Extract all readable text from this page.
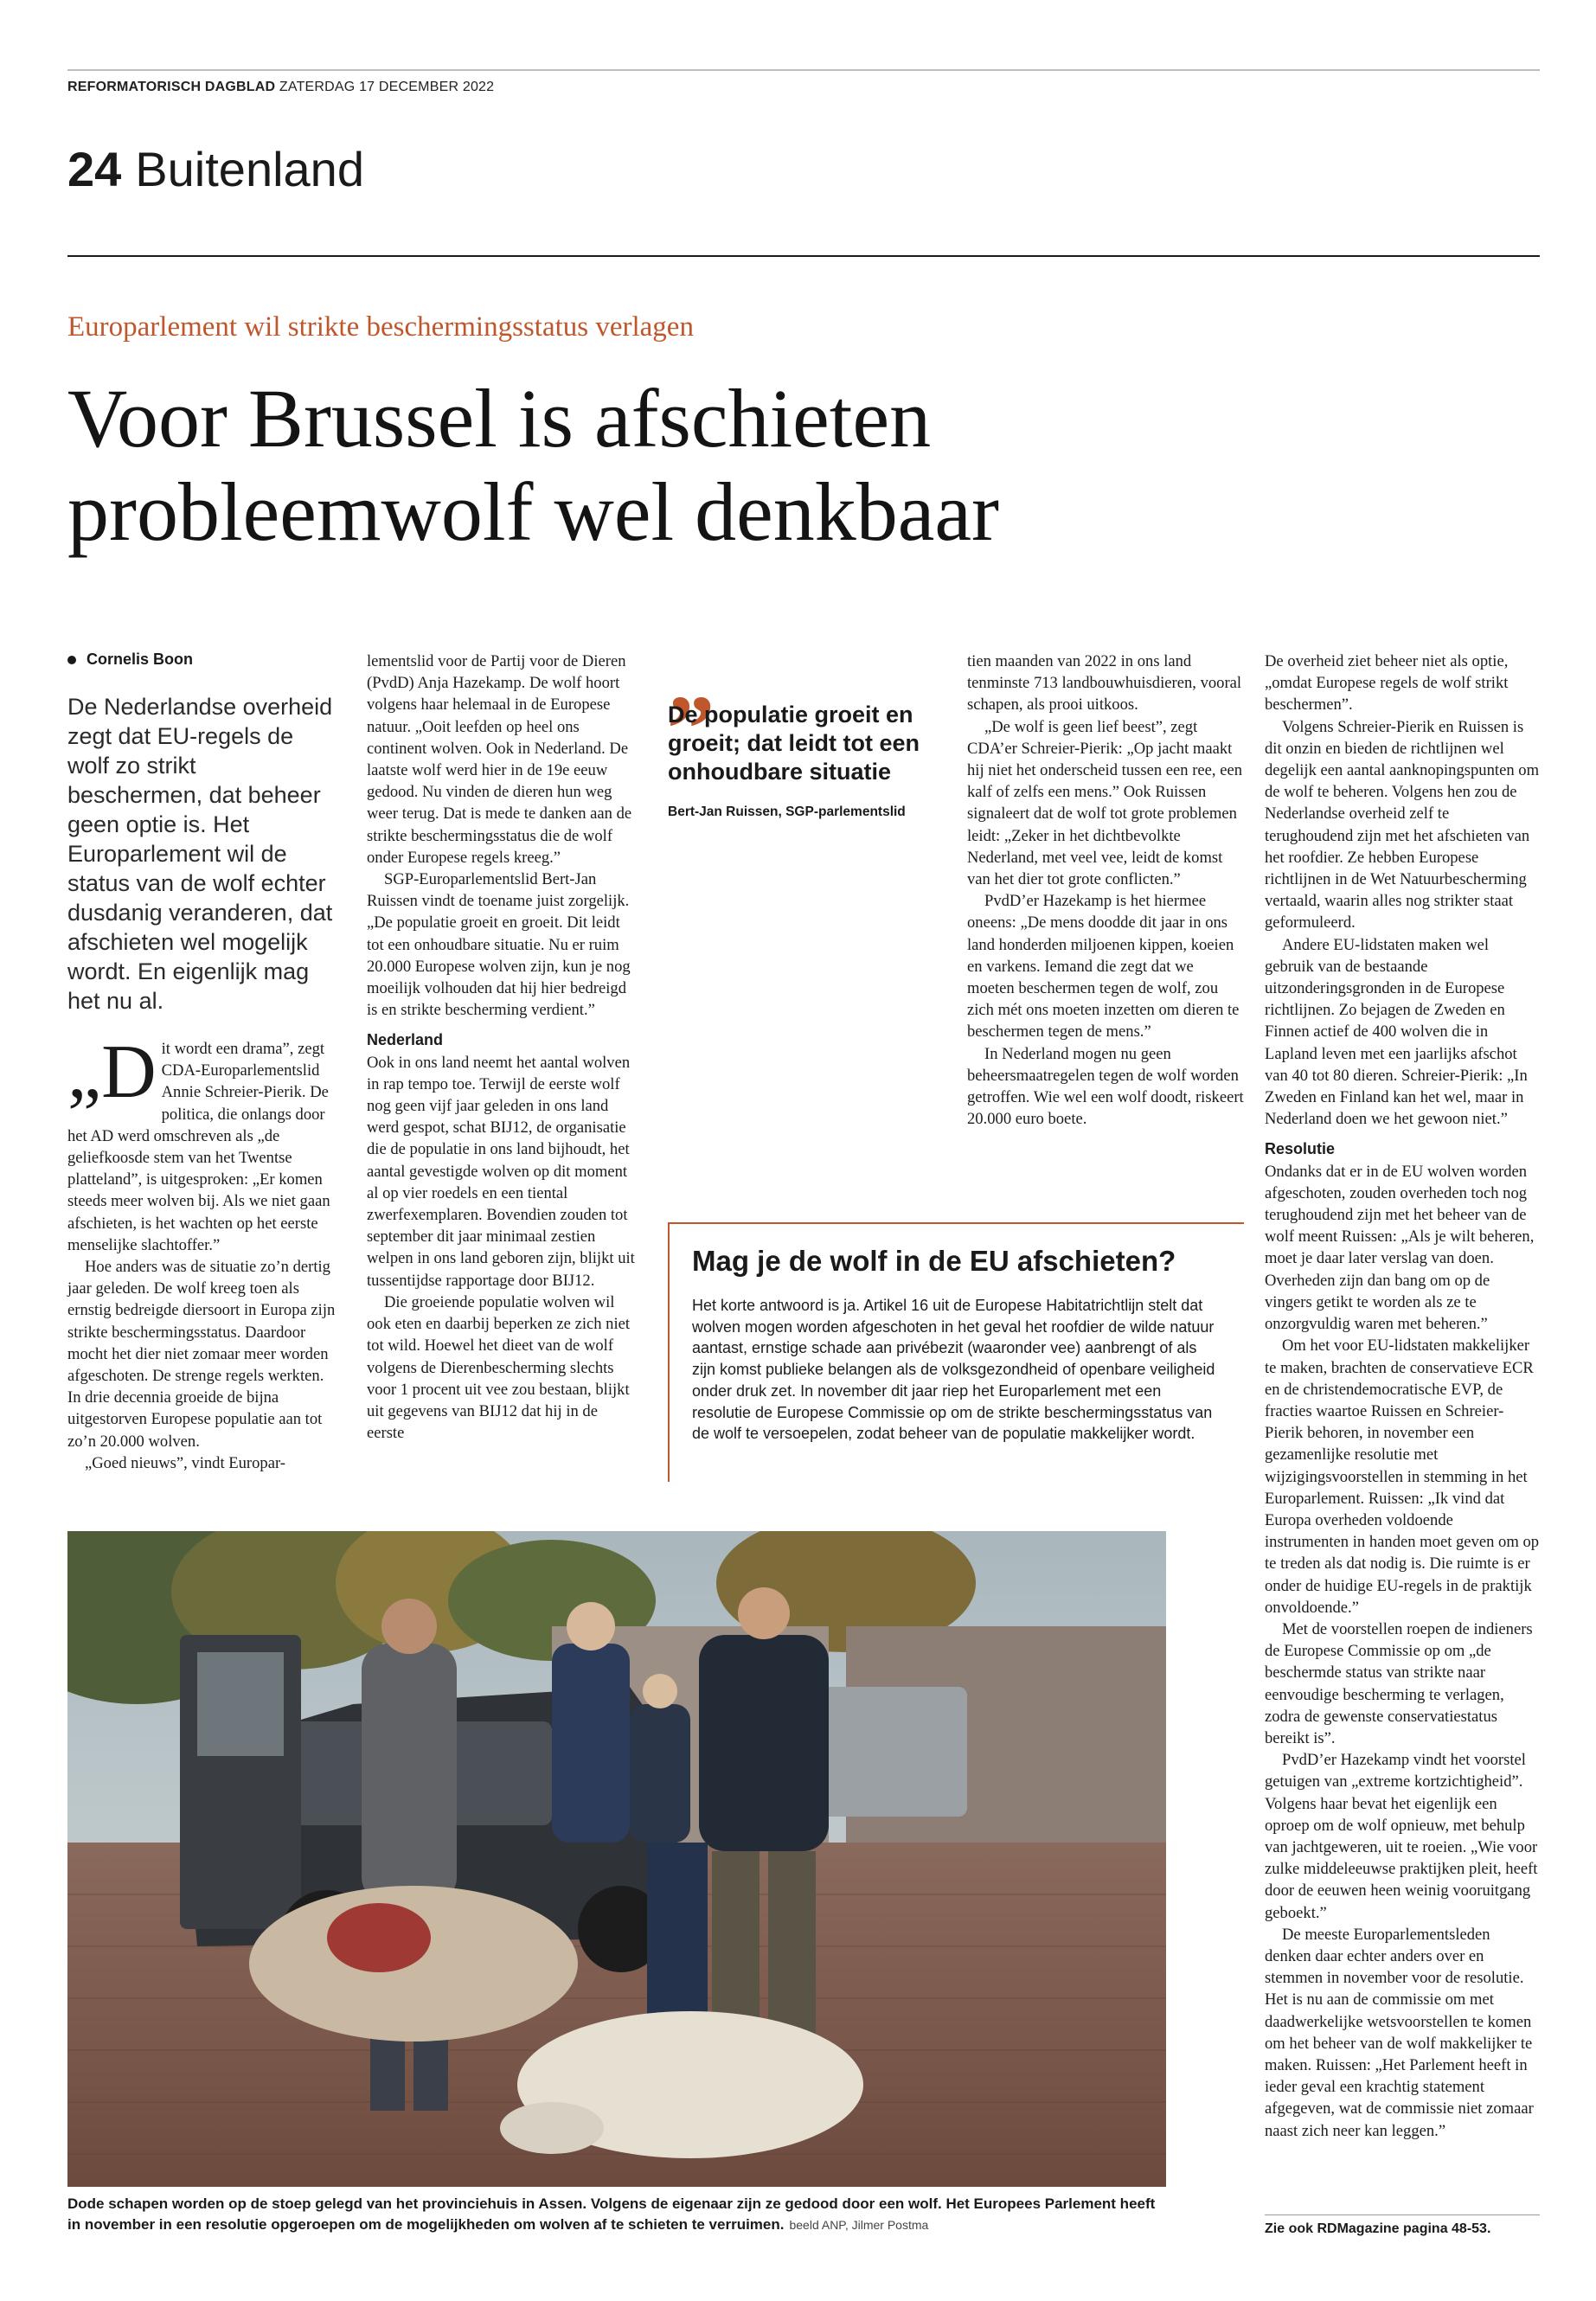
REFORMATORISCH DAGBLAD ZATERDAG 17 DECEMBER 2022
24 Buitenland
Europarlement wil strikte beschermingsstatus verlagen
Voor Brussel is afschieten probleemwolf wel denkbaar
Cornelis Boon
De Nederlandse overheid zegt dat EU-regels de wolf zo strikt beschermen, dat beheer geen optie is. Het Europarlement wil de status van de wolf echter dusdanig veranderen, dat afschieten wel mogelijk wordt. En eigenlijk mag het nu al.

„D it wordt een drama”, zegt CDA-Europarlementslid Annie Schreier-Pierik. De politica, die onlangs door het AD werd omschreven als „de geliefkoosde stem van het Twentse platteland”, is uitgesproken: „Er komen steeds meer wolven bij. Als we niet gaan afschieten, is het wachten op het eerste menselijke slachtoffer.”

Hoe anders was de situatie zo’n dertig jaar geleden. De wolf kreeg toen als ernstig bedreigde diersoort in Europa zijn strikte beschermingsstatus. Daardoor mocht het dier niet zomaar meer worden afgeschoten. De strenge regels werkten. In drie decennia groeide de bijna uitgestorven Europese populatie aan tot zo’n 20.000 wolven.

„Goed nieuws”, vindt Europar-

lementslid voor de Partij voor de Dieren (PvdD) Anja Hazekamp. De wolf hoort volgens haar helemaal in de Europese natuur. „Ooit leefden op heel ons continent wolven. Ook in Nederland. De laatste wolf werd hier in de 19e eeuw gedood. Nu vinden de dieren hun weg weer terug. Dat is mede te danken aan de strikte beschermingsstatus die de wolf onder Europese regels kreeg.”

SGP-Europarlementslid Bert-Jan Ruissen vindt de toename juist zorgelijk. „De populatie groeit en groeit. Dit leidt tot een onhoudbare situatie. Nu er ruim 20.000 Europese wolven zijn, kun je nog moeilijk volhouden dat hij hier bedreigd is en strikte bescherming verdient.”

Nederland

Ook in ons land neemt het aantal wolven in rap tempo toe. Terwijl de eerste wolf nog geen vijf jaar geleden in ons land werd gespot, schat BIJ12, de organisatie die de populatie in ons land bijhoudt, het aantal gevestigde wolven op dit moment al op vier roedels en een tiental zwerfexemplaren. Bovendien zouden tot september dit jaar minimaal zestien welpen in ons land geboren zijn, blijkt uit tussentijdse rapportage door BIJ12.

Die groeiende populatie wolven wil ook eten en daarbij beperken ze zich niet tot wild. Hoewel het dieet van de wolf volgens de Dierenbescherming slechts voor 1 procent uit vee zou bestaan, blijkt uit gegevens van BIJ12 dat hij in de eerste

„
De populatie groeit en groeit; dat leidt tot een onhoudbare situatie
Bert-Jan Ruissen, SGP-parlementslid

tien maanden van 2022 in ons land tenminste 713 landbouwhuisdieren, vooral schapen, als prooi uitkoos.

„De wolf is geen lief beest”, zegt CDA’er Schreier-Pierik: „Op jacht maakt hij niet het onderscheid tussen een ree, een kalf of zelfs een mens.” Ook Ruissen signaleert dat de wolf tot grote problemen leidt: „Zeker in het dichtbevolkte Nederland, met veel vee, leidt de komst van het dier tot grote conflicten.”

PvdD’er Hazekamp is het hiermee oneens: „De mens doodde dit jaar in ons land honderden miljoenen kippen, koeien en varkens. Iemand die zegt dat we moeten beschermen tegen de wolf, zou zich mét ons moeten inzetten om dieren te beschermen tegen de mens.”

In Nederland mogen nu geen beheersmaatregelen tegen de wolf worden getroffen. Wie wel een wolf doodt, riskeert 20.000 euro boete.

De overheid ziet beheer niet als optie, „omdat Europese regels de wolf strikt beschermen”.

Volgens Schreier-Pierik en Ruissen is dit onzin en bieden de richtlijnen wel degelijk een aantal aanknopingspunten om de wolf te beheren. Volgens hen zou de Nederlandse overheid zelf te terughoudend zijn met het afschieten van het roofdier. Ze hebben Europese richtlijnen in de Wet Natuurbescherming vertaald, waarin alles nog strikter staat geformuleerd.

Andere EU-lidstaten maken wel gebruik van de bestaande uitzonderingsgronden in de Europese richtlijnen. Zo bejagen de Zweden en Finnen actief de 400 wolven die in Lapland leven met een jaarlijks afschot van 40 tot 80 dieren. Schreier-Pierik: „In Zweden en Finland kan het wel, maar in Nederland doen we het gewoon niet.”

Resolutie

Ondanks dat er in de EU wolven worden afgeschoten, zouden overheden toch nog terughoudend zijn met het beheer van de wolf meent Ruissen: „Als je wilt beheren, moet je daar later verslag van doen. Overheden zijn dan bang om op de vingers getikt te worden als ze te onzorgvuldig waren met beheren.”

Om het voor EU-lidstaten makkelijker te maken, brachten de conservatieve ECR en de christendemocratische EVP, de fracties waartoe Ruissen en Schreier-Pierik behoren, in november een gezamenlijke resolutie met wijzigingsvoorstellen in stemming in het Europarlement. Ruissen: „Ik vind dat Europa overheden voldoende instrumenten in handen moet geven om op te treden als dat nodig is. Die ruimte is er onder de huidige EU-regels in de praktijk onvoldoende.”

Met de voorstellen roepen de indieners de Europese Commissie op om „de beschermde status van strikte naar eenvoudige bescherming te verlagen, zodra de gewenste conservatiestatus bereikt is”.

PvdD’er Hazekamp vindt het voorstel getuigen van „extreme kortzichtigheid”. Volgens haar bevat het eigenlijk een oproep om de wolf opnieuw, met behulp van jachtgeweren, uit te roeien. „Wie voor zulke middeleeuwse praktijken pleit, heeft door de eeuwen heen weinig vooruitgang geboekt.”

De meeste Europarlementsleden denken daar echter anders over en stemmen in november voor de resolutie. Het is nu aan de commissie om met daadwerkelijke wetsvoorstellen te komen om het beheer van de wolf makkelijker te maken. Ruissen: „Het Parlement heeft in ieder geval een krachtig statement afgegeven, wat de commissie niet zomaar naast zich neer kan leggen.”

Mag je de wolf in de EU afschieten?
Het korte antwoord is ja. Artikel 16 uit de Europese Habitatrichtlijn stelt dat wolven mogen worden afgeschoten in het geval het roofdier de wilde natuur aantast, ernstige schade aan privébezit (waaronder vee) aanbrengt of als zijn komst publieke belangen als de volksgezondheid of openbare veiligheid onder druk zet. In november dit jaar riep het Europarlement met een resolutie de Europese Commissie op om de strikte beschermingsstatus van de wolf te versoepelen, zodat beheer van de populatie makkelijker wordt.
Dode schapen worden op de stoep gelegd van het provinciehuis in Assen. Volgens de eigenaar zijn ze gedood door een wolf. Het Europees Parlement heeft in november in een resolutie opgeroepen om de mogelijkheden om wolven af te schieten te verruimen. beeld ANP, Jilmer Postma	Zie ook RDMagazine pagina 48-53.
